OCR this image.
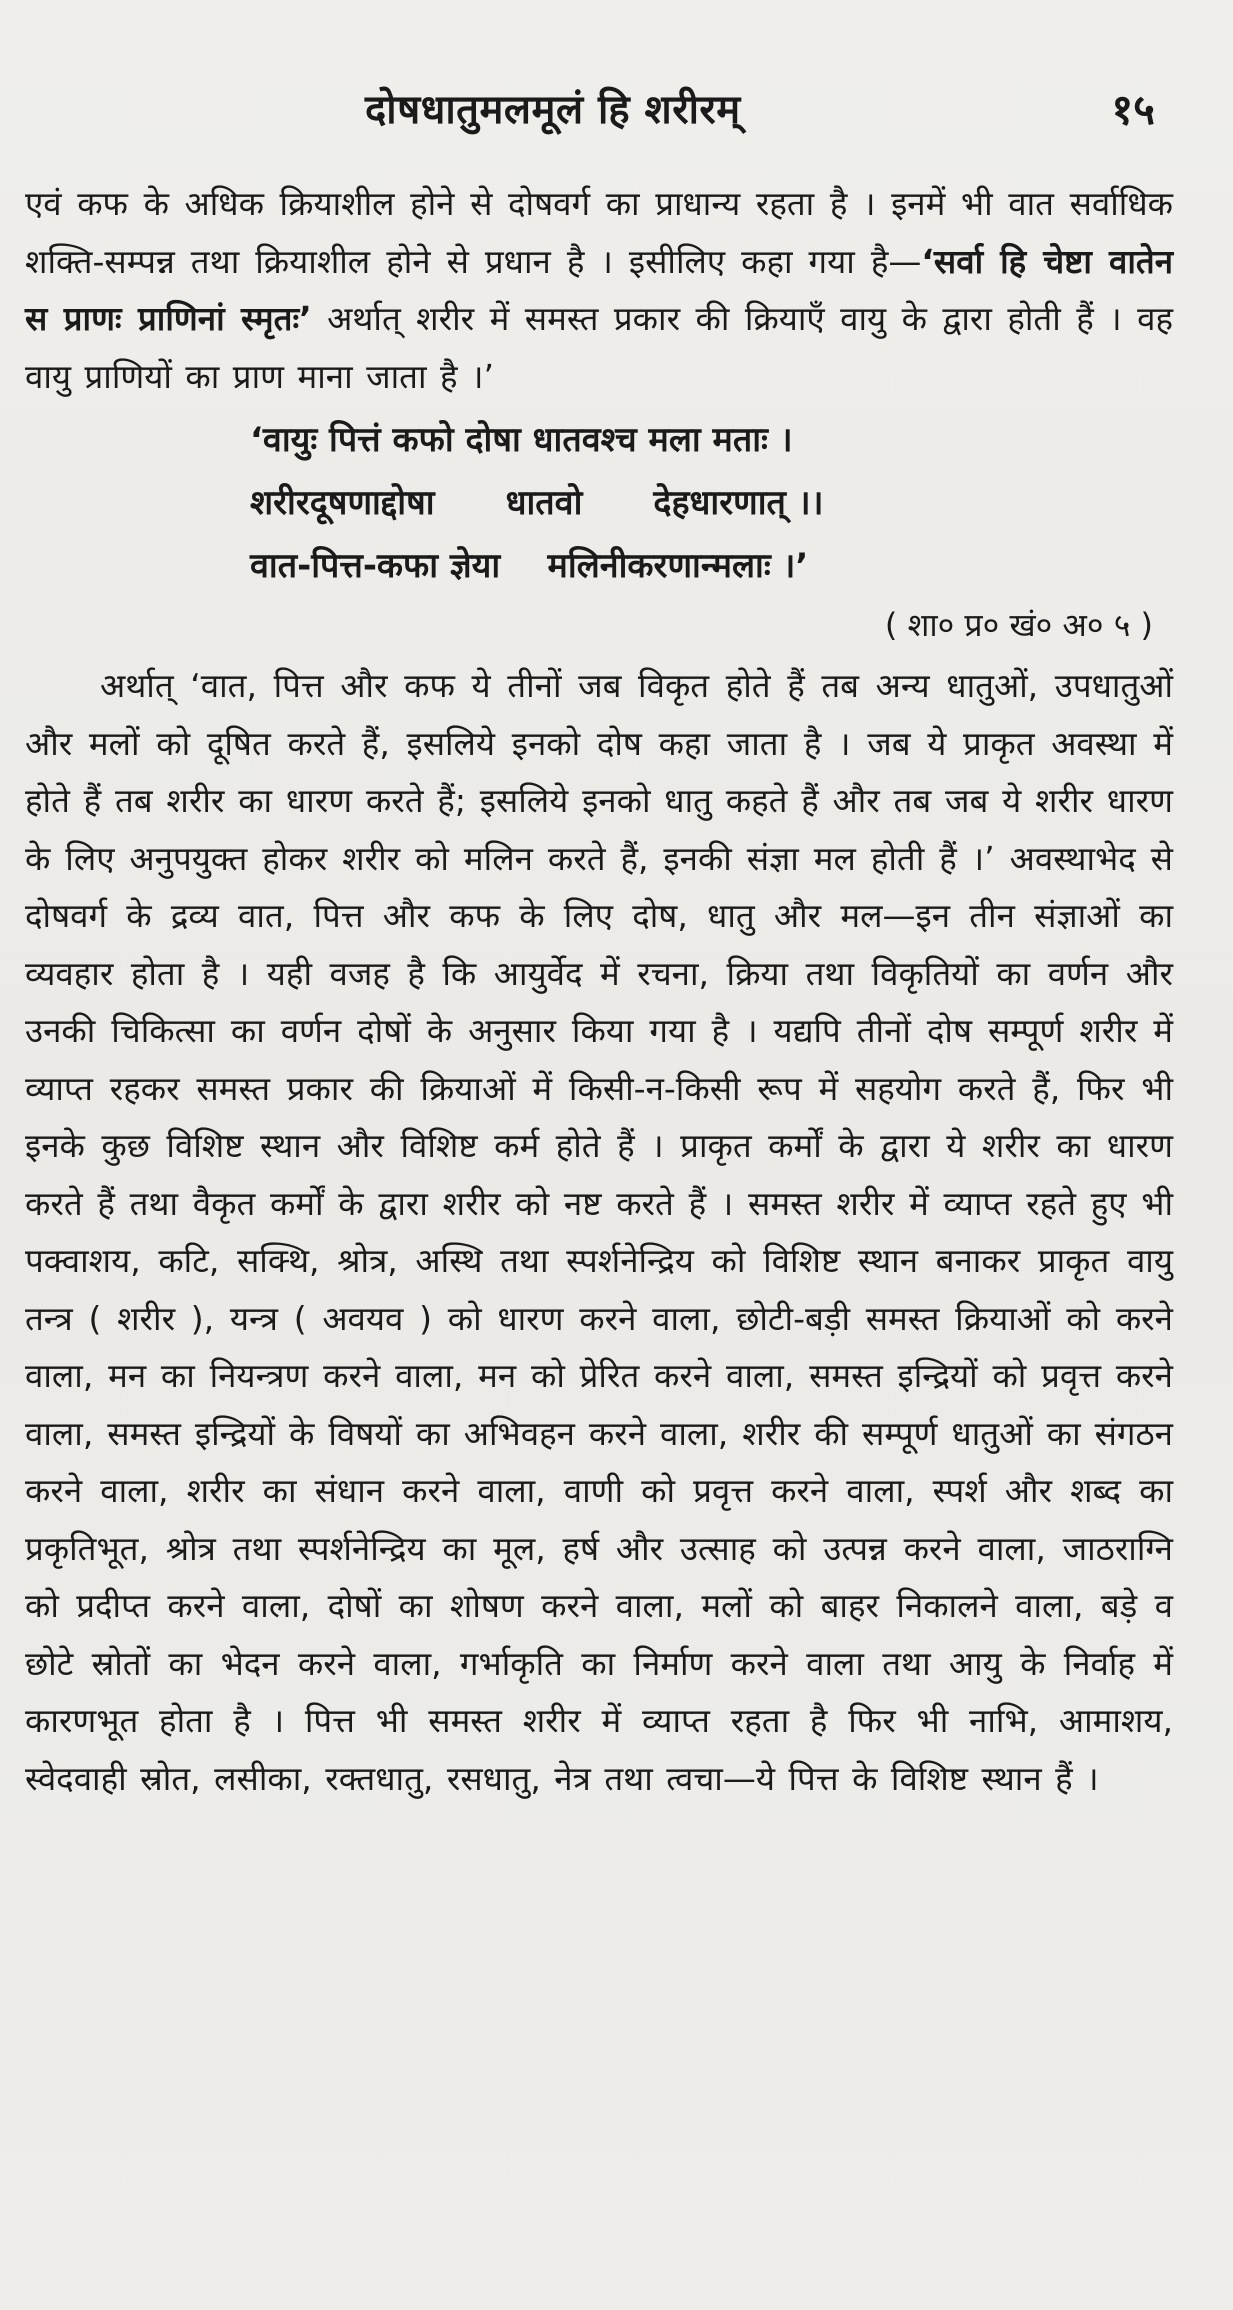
दोषधातुमलमूलं हि शरीरम्	१५

एवं कफ के अधिक क्रियाशील होने से दोषवर्ग का प्राधान्य रहता है । इनमें भी वात सर्वाधिक शक्ति-सम्पन्न तथा क्रियाशील होने से प्रधान है । इसीलिए कहा गया है—‘सर्वा हि चेष्टा वातेन स प्राणः प्राणिनां स्मृतः’ अर्थात् शरीर में समस्त प्रकार की क्रियाएँ वायु के द्वारा होती हैं । वह वायु प्राणियों का प्राण माना जाता है ।’

‘वायुः पित्तं कफो दोषा धातवश्च मला मताः ।
शरीरदूषणाद्दोषा      धातवो      देहधारणात् ।।
वात-पित्त-कफा ज्ञेया    मलिनीकरणान्मलाः ।’
( शा० प्र० खं० अ० ५ )

अर्थात् ‘वात, पित्त और कफ ये तीनों जब विकृत होते हैं तब अन्य धातुओं, उपधातुओं और मलों को दूषित करते हैं, इसलिये इनको दोष कहा जाता है । जब ये प्राकृत अवस्था में होते हैं तब शरीर का धारण करते हैं; इसलिये इनको धातु कहते हैं और तब जब ये शरीर धारण के लिए अनुपयुक्त होकर शरीर को मलिन करते हैं, इनकी संज्ञा मल होती हैं ।’ अवस्थाभेद से दोषवर्ग के द्रव्य वात, पित्त और कफ के लिए दोष, धातु और मल—इन तीन संज्ञाओं का व्यवहार होता है । यही वजह है कि आयुर्वेद में रचना, क्रिया तथा विकृतियों का वर्णन और उनकी चिकित्सा का वर्णन दोषों के अनुसार किया गया है । यद्यपि तीनों दोष सम्पूर्ण शरीर में व्याप्त रहकर समस्त प्रकार की क्रियाओं में किसी-न-किसी रूप में सहयोग करते हैं, फिर भी इनके कुछ विशिष्ट स्थान और विशिष्ट कर्म होते हैं । प्राकृत कर्मों के द्वारा ये शरीर का धारण करते हैं तथा वैकृत कर्मों के द्वारा शरीर को नष्ट करते हैं । समस्त शरीर में व्याप्त रहते हुए भी पक्वाशय, कटि, सक्थि, श्रोत्र, अस्थि तथा स्पर्शनेन्द्रिय को विशिष्ट स्थान बनाकर प्राकृत वायु तन्त्र ( शरीर ), यन्त्र ( अवयव ) को धारण करने वाला, छोटी-बड़ी समस्त क्रियाओं को करने वाला, मन का नियन्त्रण करने वाला, मन को प्रेरित करने वाला, समस्त इन्द्रियों को प्रवृत्त करने वाला, समस्त इन्द्रियों के विषयों का अभिवहन करने वाला, शरीर की सम्पूर्ण धातुओं का संगठन करने वाला, शरीर का संधान करने वाला, वाणी को प्रवृत्त करने वाला, स्पर्श और शब्द का प्रकृतिभूत, श्रोत्र तथा स्पर्शनेन्द्रिय का मूल, हर्ष और उत्साह को उत्पन्न करने वाला, जाठराग्नि को प्रदीप्त करने वाला, दोषों का शोषण करने वाला, मलों को बाहर निकालने वाला, बड़े व छोटे स्रोतों का भेदन करने वाला, गर्भाकृति का निर्माण करने वाला तथा आयु के निर्वाह में कारणभूत होता है । पित्त भी समस्त शरीर में व्याप्त रहता है फिर भी नाभि, आमाशय, स्वेदवाही स्रोत, लसीका, रक्तधातु, रसधातु, नेत्र तथा त्वचा—ये पित्त के विशिष्ट स्थान हैं ।
